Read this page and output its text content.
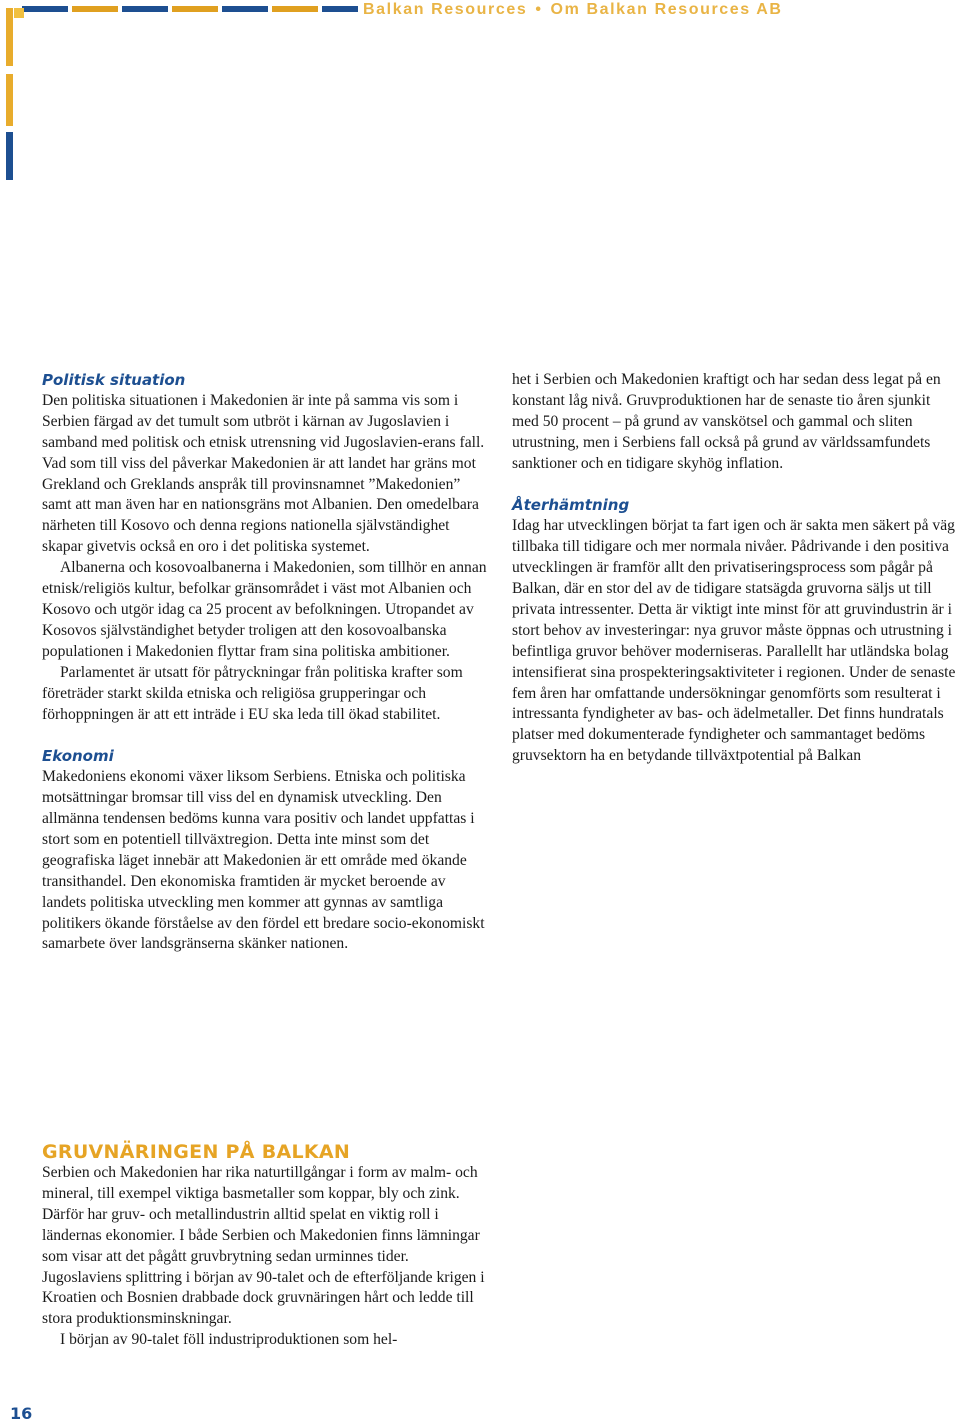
Balkan Resources • Om Balkan Resources AB
Politisk situation

Den politiska situationen i Makedonien är inte på samma vis som i Serbien färgad av det tumult som utbröt i kärnan av Jugoslavien i samband med politisk och etnisk utrensning vid Jugoslavien-erans fall. Vad som till viss del påverkar Makedonien är att landet har gräns mot Grekland och Greklands anspråk till provinsnamnet ”Makedonien” samt att man även har en nationsgräns mot Albanien. Den omedelbara närheten till Kosovo och denna regions nationella självständighet skapar givetvis också en oro i det politiska systemet.

Albanerna och kosovoalbanerna i Makedonien, som tillhör en annan etnisk/religiös kultur, befolkar gränsområdet i väst mot Albanien och Kosovo och utgör idag ca 25 procent av befolkningen. Utropandet av Kosovos självständighet betyder troligen att den kosovoalbanska populationen i Makedonien flyttar fram sina politiska ambitioner.

Parlamentet är utsatt för påtryckningar från politiska krafter som företräder starkt skilda etniska och religiösa grupperingar och förhoppningen är att ett inträde i EU ska leda till ökad stabilitet.

Ekonomi

Makedoniens ekonomi växer liksom Serbiens. Etniska och politiska motsättningar bromsar till viss del en dynamisk utveckling. Den allmänna tendensen bedöms kunna vara positiv och landet uppfattas i stort som en potentiell tillväxtregion. Detta inte minst som det geografiska läget innebär att Makedonien är ett område med ökande transithandel. Den ekonomiska framtiden är mycket beroende av landets politiska utveckling men kommer att gynnas av samtliga politikers ökande förståelse av den fördel ett bredare socio-ekonomiskt samarbete över landsgränserna skänker nationen.

GRUVNÄRINGEN PÅ BALKAN

Serbien och Makedonien har rika naturtillgångar i form av malm- och mineral, till exempel viktiga basmetaller som koppar, bly och zink. Därför har gruv- och metallindustrin alltid spelat en viktig roll i ländernas ekonomier. I både Serbien och Makedonien finns lämningar som visar att det pågått gruvbrytning sedan urminnes tider. Jugoslaviens splittring i början av 90-talet och de efterföljande krigen i Kroatien och Bosnien drabbade dock gruvnäringen hårt och ledde till stora produktionsminskningar.

I början av 90-talet föll industriproduktionen som hel-

het i Serbien och Makedonien kraftigt och har sedan dess legat på en konstant låg nivå. Gruvproduktionen har de senaste tio åren sjunkit med 50 procent – på grund av vanskötsel och gammal och sliten utrustning, men i Serbiens fall också på grund av världssamfundets sanktioner och en tidigare skyhög inflation.

Återhämtning

Idag har utvecklingen börjat ta fart igen och är sakta men säkert på väg tillbaka till tidigare och mer normala nivåer. Pådrivande i den positiva utvecklingen är framför allt den privatiseringsprocess som pågår på Balkan, där en stor del av de tidigare statsägda gruvorna säljs ut till privata intressenter. Detta är viktigt inte minst för att gruvindustrin är i stort behov av investeringar: nya gruvor måste öppnas och utrustning i befintliga gruvor behöver moderniseras. Parallellt har utländska bolag intensifierat sina prospekteringsaktiviteter i regionen. Under de senaste fem åren har omfattande undersökningar genomförts som resulterat i intressanta fyndigheter av bas- och ädelmetaller. Det finns hundratals platser med dokumenterade fyndigheter och sammantaget bedöms gruvsektorn ha en betydande tillväxtpotential på Balkan

16
